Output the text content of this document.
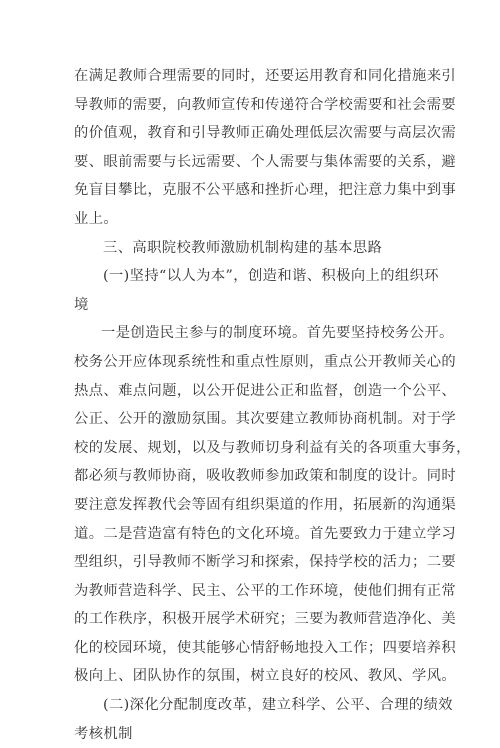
在满足教师合理需要的同时，还要运用教育和同化措施来引
导教师的需要，向教师宣传和传递符合学校需要和社会需要
的价值观，教育和引导教师正确处理低层次需要与高层次需
要、眼前需要与长远需要、个人需要与集体需要的关系，避
免盲目攀比，克服不公平感和挫折心理，把注意力集中到事
业上。
三、高职院校教师激励机制构建的基本思路
(一)坚持“以人为本”，创造和谐、积极向上的组织环
境
一是创造民主参与的制度环境。首先要坚持校务公开。
校务公开应体现系统性和重点性原则，重点公开教师关心的
热点、难点问题，以公开促进公正和监督，创造一个公平、
公正、公开的激励氛围。其次要建立教师协商机制。对于学
校的发展、规划，以及与教师切身利益有关的各项重大事务，
都必须与教师协商，吸收教师参加政策和制度的设计。同时
要注意发挥教代会等固有组织渠道的作用，拓展新的沟通渠
道。二是营造富有特色的文化环境。首先要致力于建立学习
型组织，引导教师不断学习和探索，保持学校的活力；二要
为教师营造科学、民主、公平的工作环境，使他们拥有正常
的工作秩序，积极开展学术研究；三要为教师营造净化、美
化的校园环境，使其能够心情舒畅地投入工作；四要培养积
极向上、团队协作的氛围，树立良好的校风、教风、学风。
(二)深化分配制度改革，建立科学、公平、合理的绩效
考核机制
